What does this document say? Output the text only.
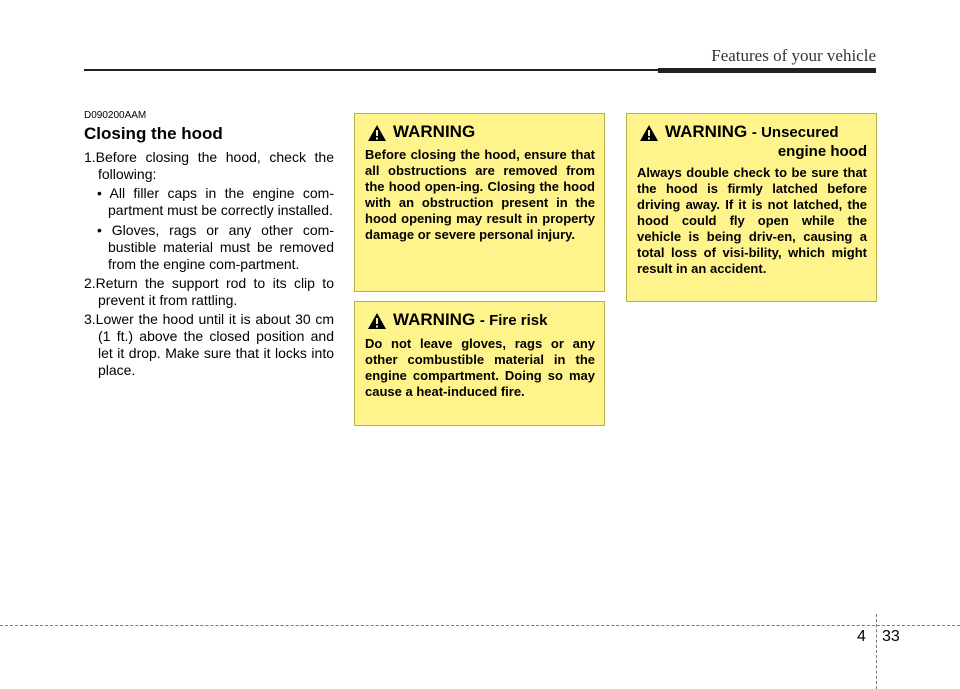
Features of your vehicle
D090200AAM
Closing the hood

1.Before closing the hood, check the following:

• All filler caps in the engine com-partment must be correctly installed.
• Gloves, rags or any other com-bustible material must be removed from the engine com-partment.

2.Return the support rod to its clip to prevent it from rattling.

3.Lower the hood until it is about 30 cm (1 ft.) above the closed position and let it drop. Make sure that it locks into place.

WARNING
Before closing the hood, ensure that all obstructions are removed from the hood open-ing. Closing the hood with an obstruction present in the hood opening may result in property damage or severe personal injury.
WARNING - Fire risk
Do not leave gloves, rags or any other combustible material in the engine compartment. Doing so may cause a heat-induced fire.
WARNING - Unsecured
engine hood
Always double check to be sure that the hood is firmly latched before driving away. If it is not latched, the hood could fly open while the vehicle is being driv-en, causing a total loss of visi-bility, which might result in an accident.
4 33
